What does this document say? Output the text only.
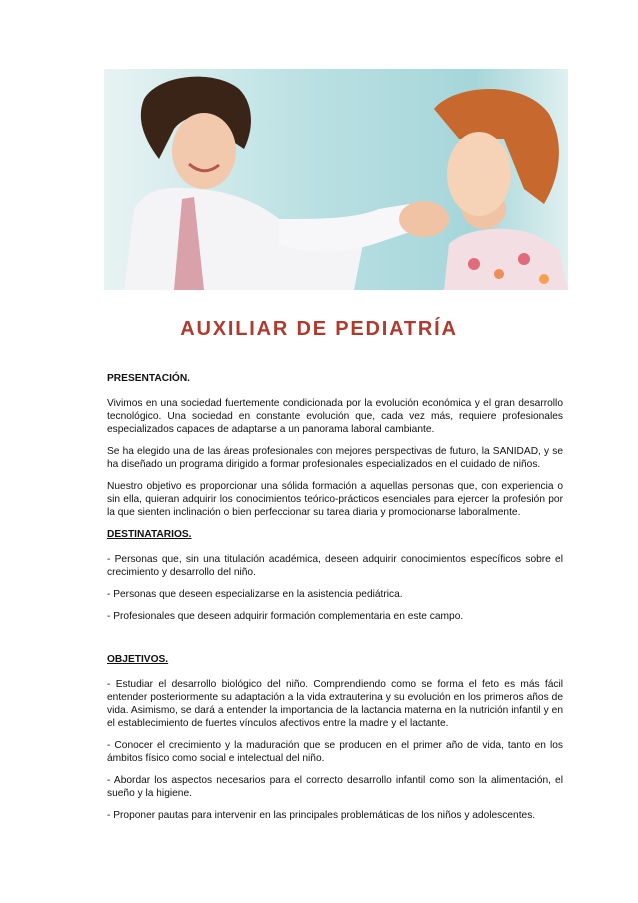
AUXILIAR DE PEDIATRÍA
PRESENTACIÓN.

Vivimos en una sociedad fuertemente condicionada por la evolución económica y el gran desarrollo tecnológico. Una sociedad en constante evolución que, cada vez más, requiere profesionales especializados capaces de adaptarse a un panorama laboral cambiante.

Se ha elegido una de las áreas profesionales con mejores perspectivas de futuro, la SANIDAD, y se ha diseñado un programa dirigido a formar profesionales especializados en el cuidado de niños.

Nuestro objetivo es proporcionar una sólida formación a aquellas personas que, con experiencia o sin ella, quieran adquirir los conocimientos teórico-prácticos esenciales para ejercer la profesión por la que sienten inclinación o bien perfeccionar su tarea diaria y promocionarse laboralmente.

DESTINATARIOS.

- Personas que, sin una titulación académica, deseen adquirir conocimientos específicos sobre el crecimiento y desarrollo del niño.

- Personas que deseen especializarse en la asistencia pediátrica.

- Profesionales que deseen adquirir formación complementaria en este campo.

OBJETIVOS.

- Estudiar el desarrollo biológico del niño. Comprendiendo como se forma el feto es más fácil entender posteriormente su adaptación a la vida extrauterina y su evolución en los primeros años de vida. Asimismo, se dará a entender la importancia de la lactancia materna en la nutrición infantil y en el establecimiento de fuertes vínculos afectivos entre la madre y el lactante.

- Conocer el crecimiento y la maduración que se producen en el primer año de vida, tanto en los ámbitos físico como social e intelectual del niño.

- Abordar los aspectos necesarios para el correcto desarrollo infantil como son la alimentación, el sueño y la higiene.

- Proponer pautas para intervenir en las principales problemáticas de los niños y adolescentes.
